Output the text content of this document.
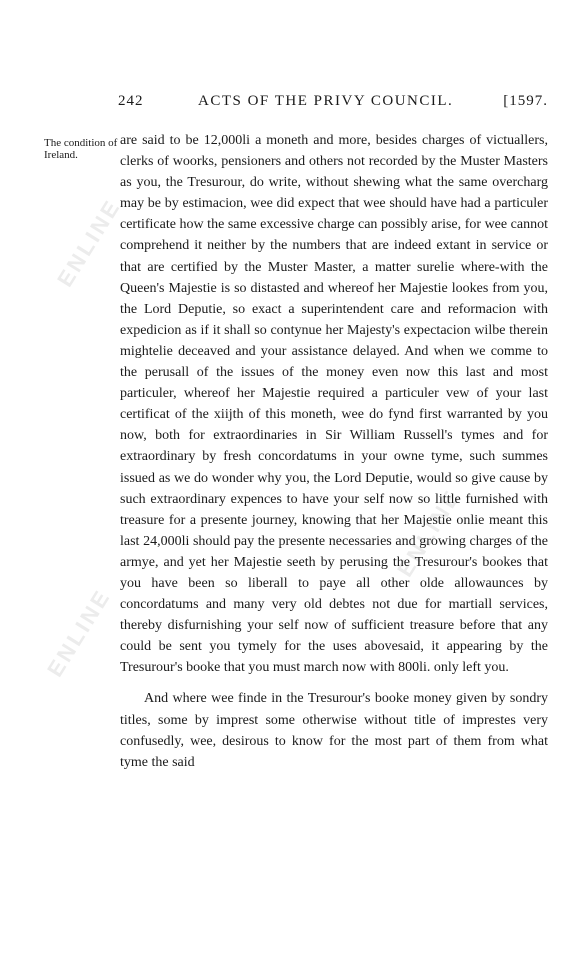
ENLINE
ENLINE
ENLINE
242	ACTS OF THE PRIVY COUNCIL.	[1597.
The condition of Ireland.

are said to be 12,000li a moneth and more, besides charges of victuallers, clerks of woorks, pensioners and others not recorded by the Muster Masters as you, the Tresurour, do write, without shewing what the same overcharg may be by estimacion, wee did expect that wee should have had a particuler certificate how the same excessive charge can possibly arise, for wee cannot comprehend it neither by the numbers that are indeed extant in service or that are certified by the Muster Master, a matter surelie where-with the Queen's Majestie is so distasted and whereof her Majestie lookes from you, the Lord Deputie, so exact a superintendent care and reformacion with expedicion as if it shall so contynue her Majesty's expectacion wilbe therein mightelie deceaved and your assistance delayed. And when we comme to the perusall of the issues of the money even now this last and most particuler, whereof her Majestie required a particuler vew of your last certificat of the xiijth of this moneth, wee do fynd first warranted by you now, both for extraordinaries in Sir William Russell's tymes and for extraordinary by fresh concordatums in your owne tyme, such summes issued as we do wonder why you, the Lord Deputie, would so give cause by such extraordinary expences to have your self now so little furnished with treasure for a presente journey, knowing that her Majestie onlie meant this last 24,000li should pay the presente necessaries and growing charges of the armye, and yet her Majestie seeth by perusing the Tresurour's bookes that you have been so liberall to paye all other olde allowaunces by concordatums and many very old debtes not due for martiall services, thereby disfurnishing your self now of sufficient treasure before that any could be sent you tymely for the uses abovesaid, it appearing by the Tresurour's booke that you must march now with 800li. only left you.

And where wee finde in the Tresurour's booke money given by sondry titles, some by imprest some otherwise without title of imprestes very confusedly, wee, desirous to know for the most part of them from what tyme the said
